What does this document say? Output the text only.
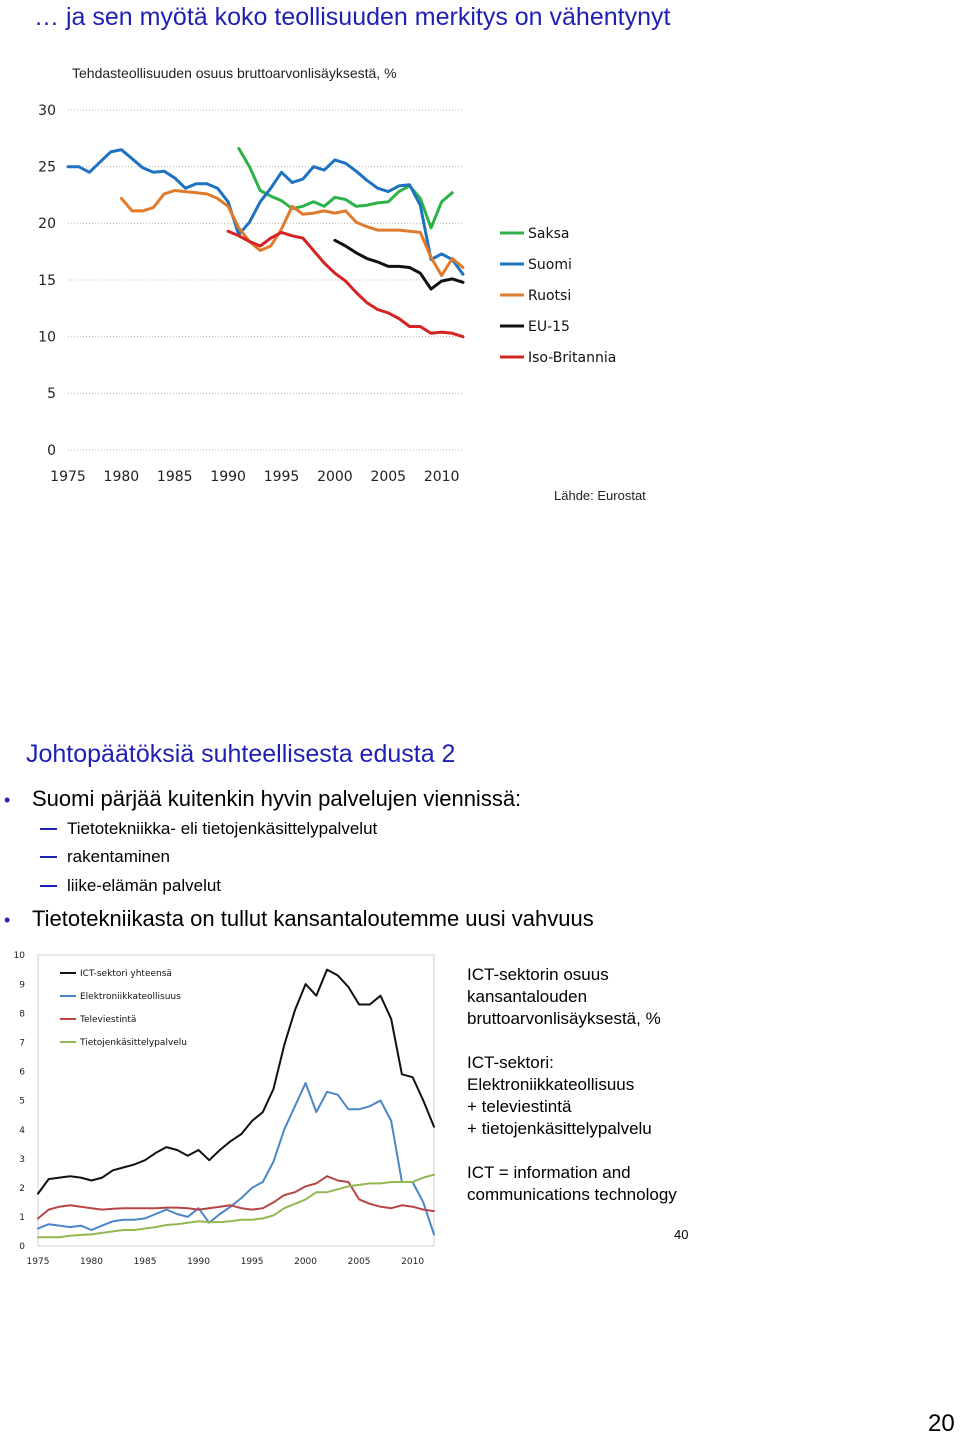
… ja sen myötä koko teollisuuden merkitys on vähentynyt
Tehdasteollisuuden osuus bruttoarvonlisäyksestä, %
0
5
10
15
20
25
30
1975 1980 1985 1990 1995 2000 2005 2010
Saksa
Suomi
Ruotsi
EU-15
Iso-Britannia
Lähde: Eurostat
Johtopäätöksiä suhteellisesta edusta 2
• Suomi pärjää kuitenkin hyvin palvelujen viennissä:
Tietotekniikka- eli tietojenkäsittelypalvelut
rakentaminen
liike-elämän palvelut
• Tietotekniikasta on tullut kansantaloutemme uusi vahvuus
0
1
2
3
4
5
6
7
8
9
10
1975	1980	1985	1990	1995	2000	2005	2010
ICT-sektori yhteensä
Elektroniikkateollisuus
Televiestintä
Tietojenkäsittelypalvelu
ICT-sektorin osuus
kansantalouden
bruttoarvonlisäyksestä, %
ICT-sektori:
Elektroniikkateollisuus
+ televiestintä
+ tietojenkäsittelypalvelu
ICT = information and
communications technology
40
20
